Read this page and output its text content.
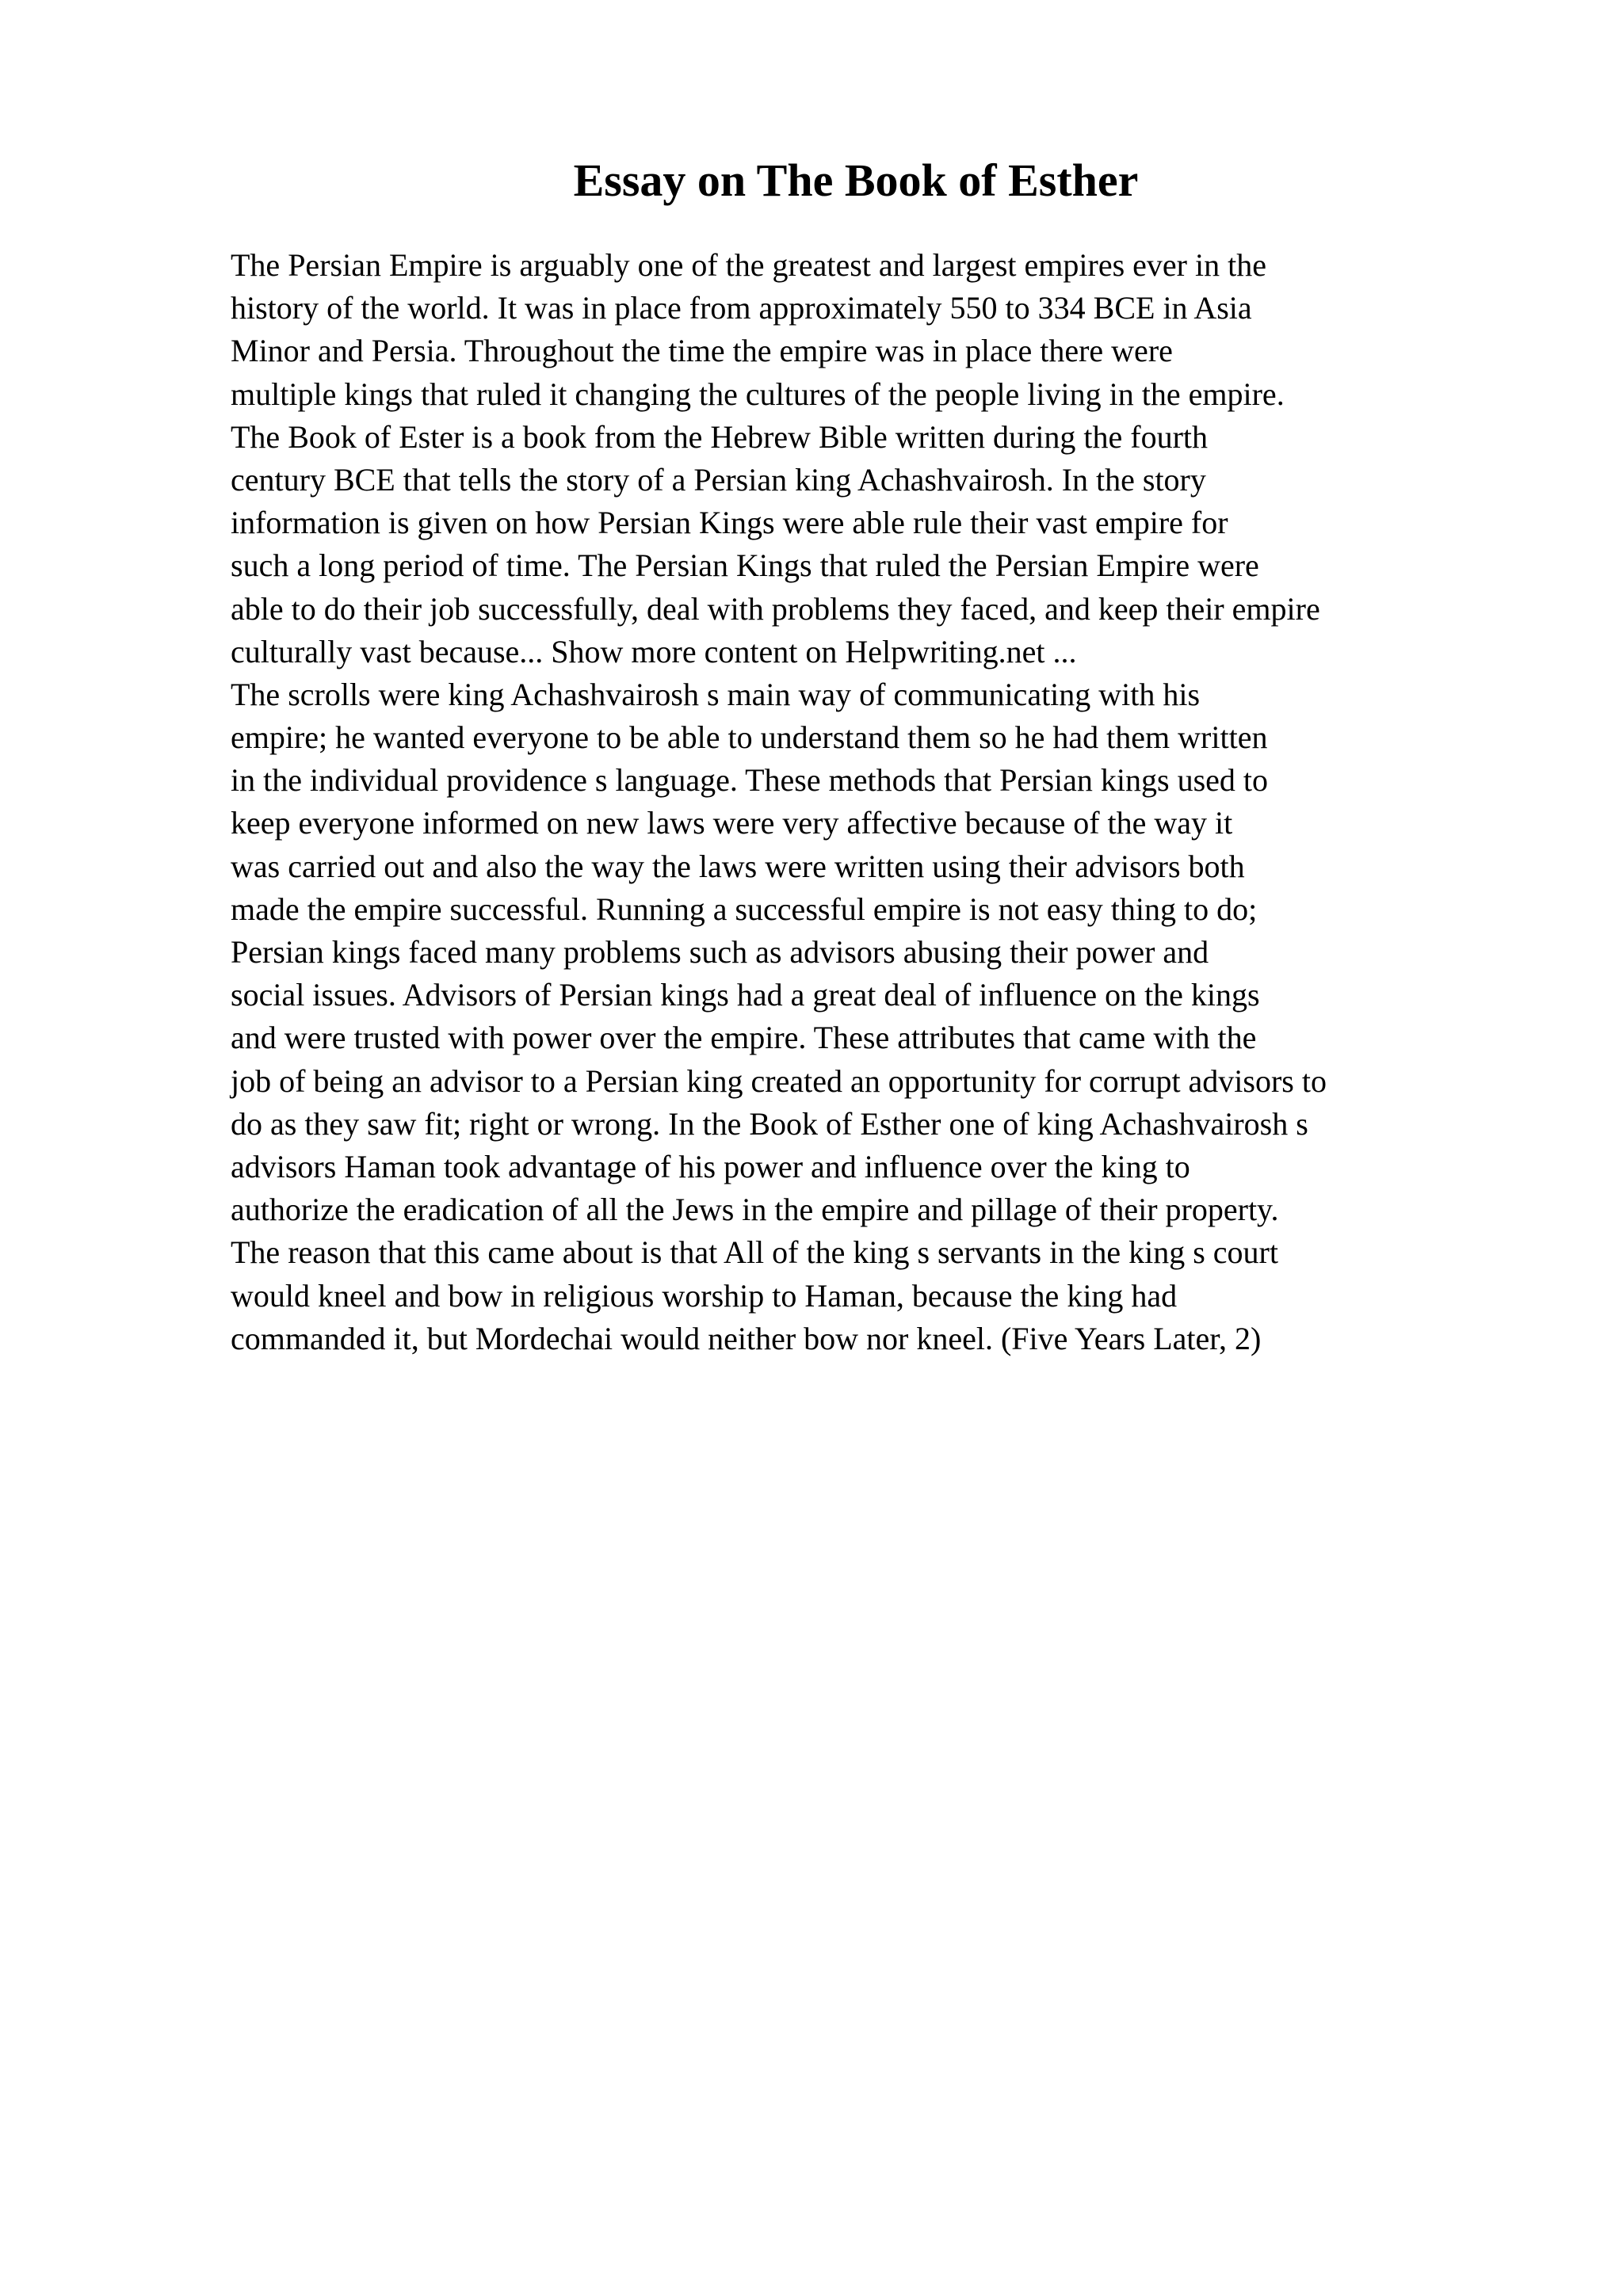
Essay on The Book of Esther
The Persian Empire is arguably one of the greatest and largest empires ever in the
history of the world. It was in place from approximately 550 to 334 BCE in Asia
Minor and Persia. Throughout the time the empire was in place there were
multiple kings that ruled it changing the cultures of the people living in the empire.
The Book of Ester is a book from the Hebrew Bible written during the fourth
century BCE that tells the story of a Persian king Achashvairosh. In the story
information is given on how Persian Kings were able rule their vast empire for
such a long period of time. The Persian Kings that ruled the Persian Empire were
able to do their job successfully, deal with problems they faced, and keep their empire
culturally vast because... Show more content on Helpwriting.net ...
The scrolls were king Achashvairosh s main way of communicating with his
empire; he wanted everyone to be able to understand them so he had them written
in the individual providence s language. These methods that Persian kings used to
keep everyone informed on new laws were very affective because of the way it
was carried out and also the way the laws were written using their advisors both
made the empire successful. Running a successful empire is not easy thing to do;
Persian kings faced many problems such as advisors abusing their power and
social issues. Advisors of Persian kings had a great deal of influence on the kings
and were trusted with power over the empire. These attributes that came with the
job of being an advisor to a Persian king created an opportunity for corrupt advisors to
do as they saw fit; right or wrong. In the Book of Esther one of king Achashvairosh s
advisors Haman took advantage of his power and influence over the king to
authorize the eradication of all the Jews in the empire and pillage of their property.
The reason that this came about is that All of the king s servants in the king s court
would kneel and bow in religious worship to Haman, because the king had
commanded it, but Mordechai would neither bow nor kneel. (Five Years Later, 2)
